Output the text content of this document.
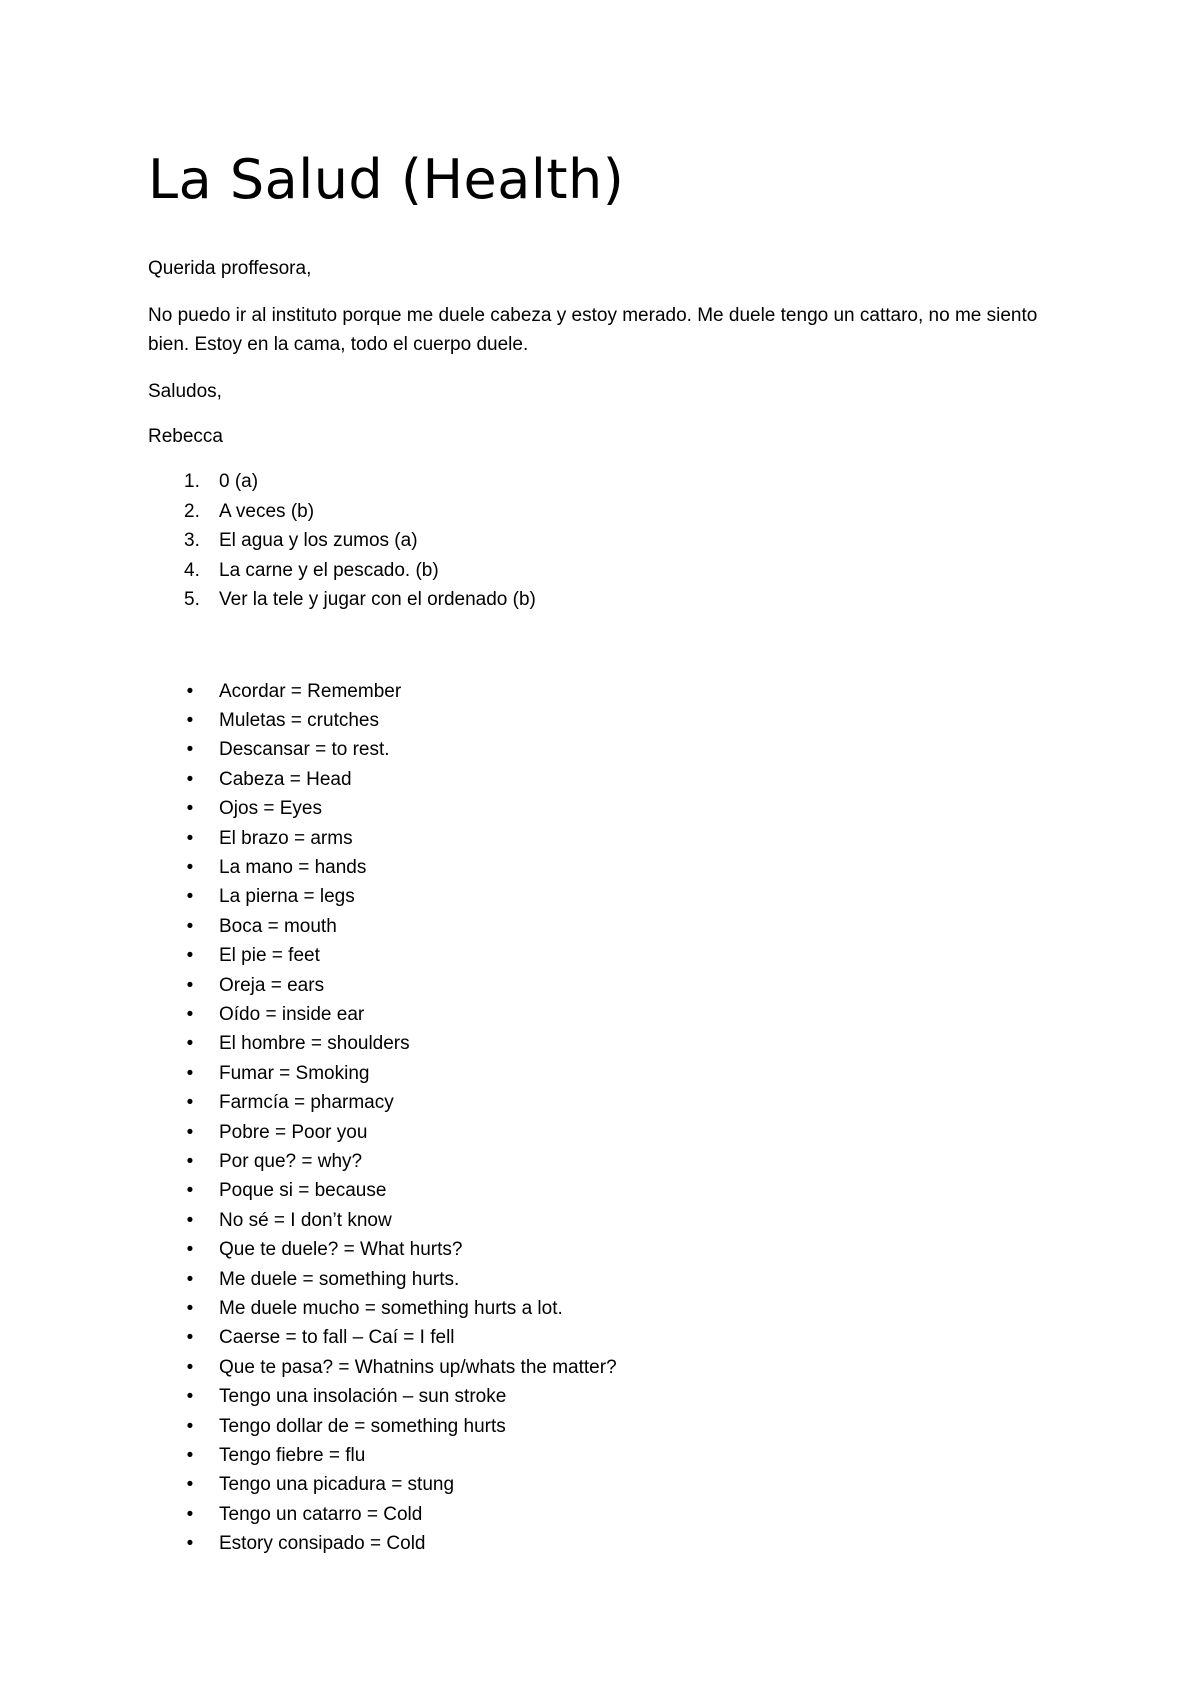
La Salud (Health)

Querida proffesora,

No puedo ir al instituto porque me duele cabeza y estoy merado. Me duele tengo un cattaro, no me siento bien. Estoy en la cama, todo el cuerpo duele.

Saludos,

Rebecca

1. 0 (a)
2. A veces (b)
3. El agua y los zumos (a)
4. La carne y el pescado. (b)
5. Ver la tele y jugar con el ordenado (b)
• Acordar = Remember
• Muletas = crutches
• Descansar = to rest.
• Cabeza = Head
• Ojos = Eyes
• El brazo = arms
• La mano = hands
• La pierna = legs
• Boca = mouth
• El pie = feet
• Oreja = ears
• Oído = inside ear
• El hombre = shoulders
• Fumar = Smoking
• Farmcía = pharmacy
• Pobre = Poor you
• Por que? = why?
• Poque si = because
• No sé = I don’t know
• Que te duele? = What hurts?
• Me duele = something hurts.
• Me duele mucho = something hurts a lot.
• Caerse = to fall – Caí = I fell
• Que te pasa? = Whatnins up/whats the matter?
• Tengo una insolación – sun stroke
• Tengo dollar de = something hurts
• Tengo fiebre = flu
• Tengo una picadura = stung
• Tengo un catarro = Cold
• Estory consipado = Cold
